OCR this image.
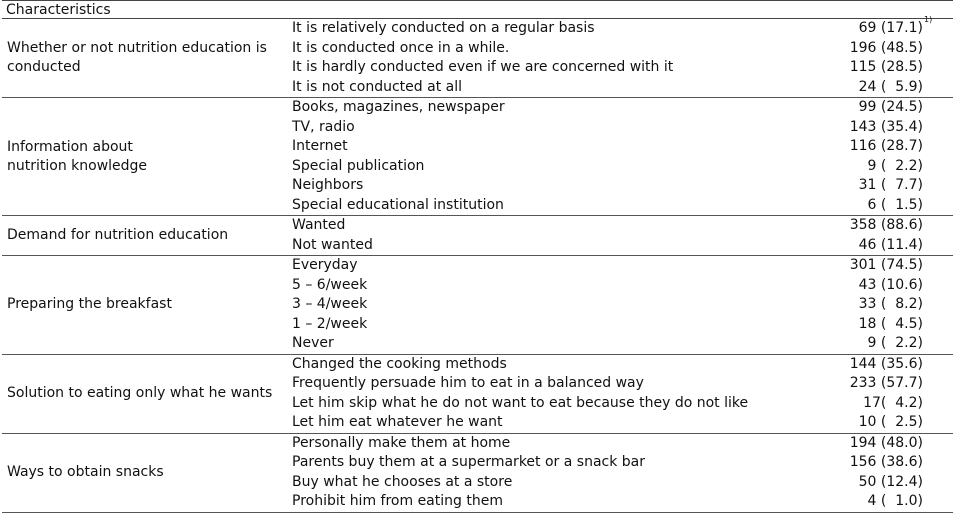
Characteristics
Whether or not nutrition education is
conducted
It is relatively conducted on a regular basis	69 (17.1)
1)
It is conducted once in a while.	196 (48.5)
It is hardly conducted even if we are concerned with it	115 (28.5)
It is not conducted at all	24 (  5.9)
Information about
nutrition knowledge
Books, magazines, newspaper	99 (24.5)
TV, radio	143 (35.4)
Internet	116 (28.7)
Special publication	9 (  2.2)
Neighbors	31 (  7.7)
Special educational institution	6 (  1.5)
Demand for nutrition education
Wanted	358 (88.6)
Not wanted	46 (11.4)
Preparing the breakfast
Everyday	301 (74.5)
5 – 6/week	43 (10.6)
3 – 4/week	33 (  8.2)
1 – 2/week	18 (  4.5)
Never	9 (  2.2)
Solution to eating only what he wants
Changed the cooking methods	144 (35.6)
Frequently persuade him to eat in a balanced way	233 (57.7)
Let him skip what he do not want to eat because they do not like	17(  4.2)
Let him eat whatever he want	10 (  2.5)
Ways to obtain snacks
Personally make them at home	194 (48.0)
Parents buy them at a supermarket or a snack bar	156 (38.6)
Buy what he chooses at a store	50 (12.4)
Prohibit him from eating them	4 (  1.0)
